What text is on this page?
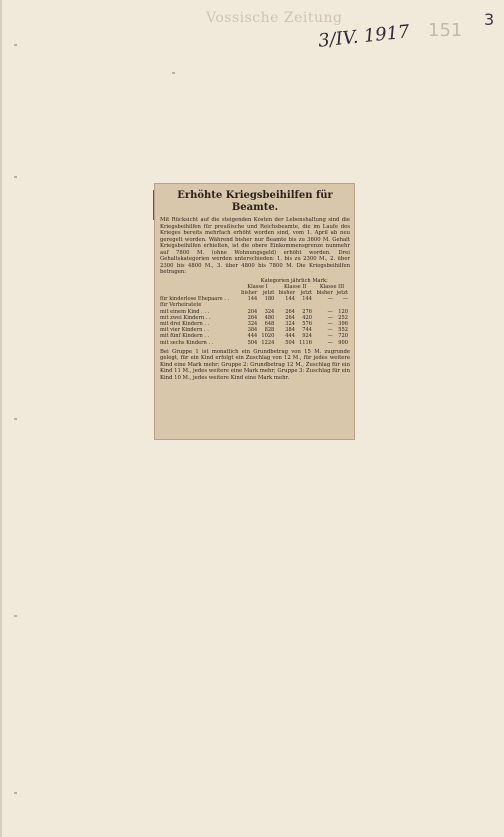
Vossische Zeitung
3/IV. 1917 151
3
Erhöhte Kriegsbeihilfen für Beamte.

Mit Rücksicht auf die steigenden Kosten der Lebenshaltung sind die Kriegsbeihilfen für preußische und Reichsbeamte, die im Laufe des Krieges bereits mehrfach erhöht worden sind, vom 1. April ab neu geregelt worden. Während bisher nur Beamte bis zu 3600 M. Gehalt Kriegsbeihilfen erhielten, ist die obere Einkommensgrenze nunmehr auf 7800 M. (ohne Wohnungsgeld) erhöht worden. Drei Gehaltskategorien werden unterschieden: 1. bis zu 2300 M., 2. über 2300 bis 4800 M., 3. über 4800 bis 7800 M. Die Kriegsbeihilfen betragen:

	Kategorien jährlich Mark:					
	Klasse I		Klasse II		Klasse III	
	bisher	jetzt	bisher	jetzt	bisher	jetzt
für kinderlose Ehepaare . .	144	180	144	144	—	—
für Verheiratete						
mit einem Kind . . .	204	324	264	276	—	120
mit zwei Kindern . .	264	480	264	420	—	252
mit drei Kindern . .	324	648	324	576	—	396
mit vier Kindern . .	384	828	384	744	—	552
mit fünf Kindern . .	444	1020	444	924	—	720
mit sechs Kindern . .	504	1224	504	1116	—	900

Bei Gruppe 1 ist monatlich ein Grundbetrag von 15 M. zugrunde gelegt, für ein Kind erfolgt ein Zuschlag von 12 M., für jedes weitere Kind eine Mark mehr; Gruppe 2: Grundbetrag 12 M., Zuschlag für ein Kind 11 M., jedes weitere eine Mark mehr; Gruppe 3: Zuschlag für ein Kind 10 M., jedes weitere Kind eine Mark mehr.
